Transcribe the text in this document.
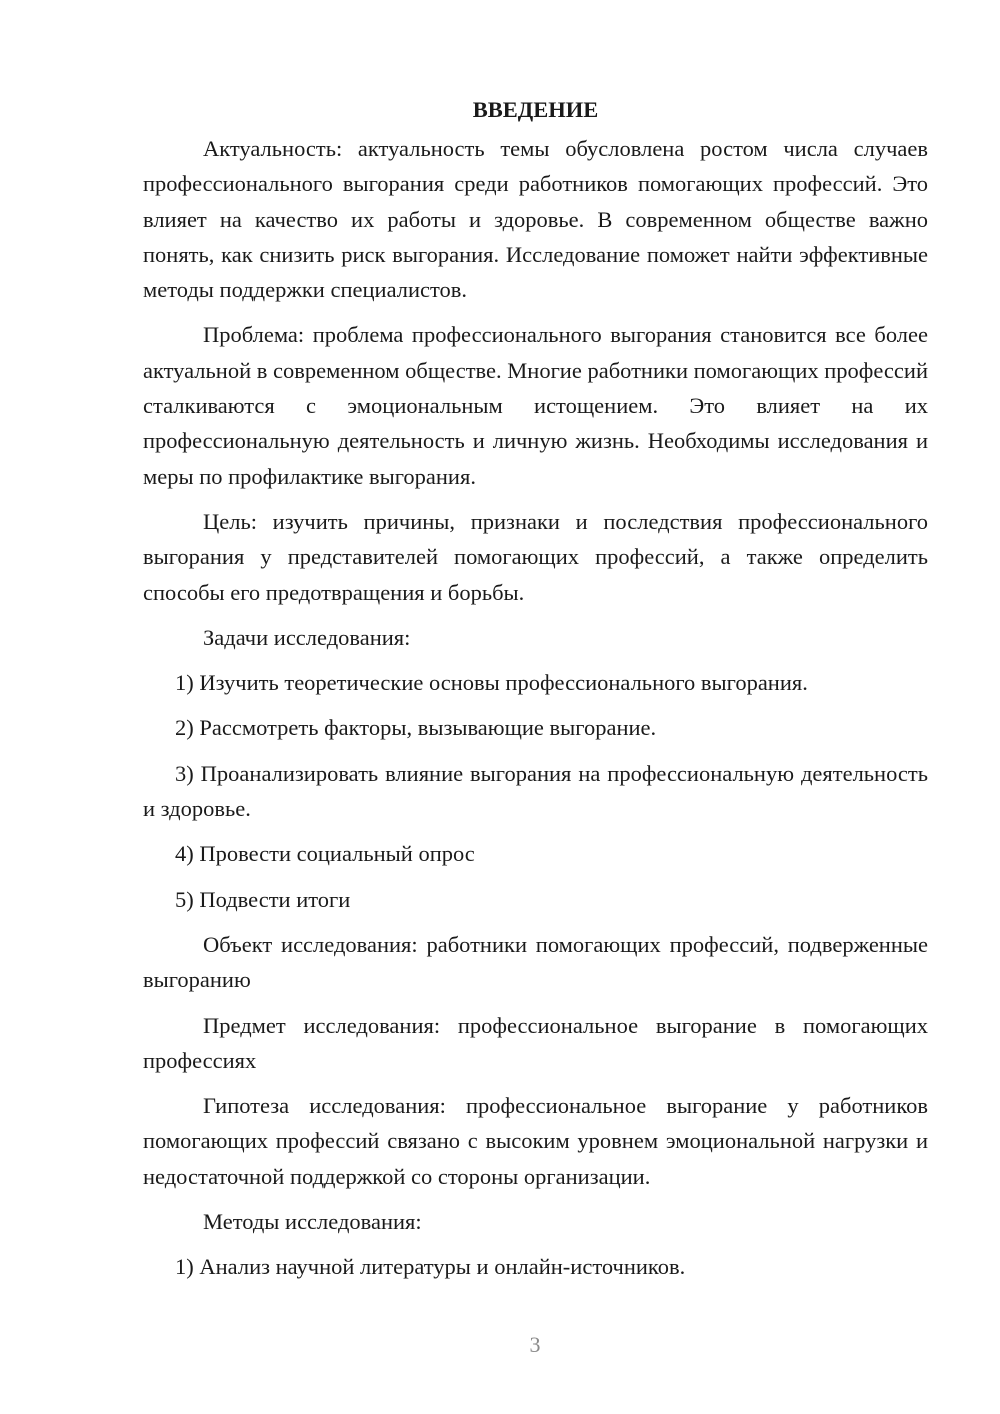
ВВЕДЕНИЕ

Актуальность: актуальность темы обусловлена ростом числа случаев профессионального выгорания среди работников помогающих профессий. Это влияет на качество их работы и здоровье. В современном обществе важно понять, как снизить риск выгорания. Исследование поможет найти эффективные методы поддержки специалистов.

Проблема: проблема профессионального выгорания становится все более актуальной в современном обществе. Многие работники помогающих профессий сталкиваются с эмоциональным истощением. Это влияет на их профессиональную деятельность и личную жизнь. Необходимы исследования и меры по профилактике выгорания.

Цель: изучить причины, признаки и последствия профессионального выгорания у представителей помогающих профессий, а также определить способы его предотвращения и борьбы.

Задачи исследования:

1) Изучить теоретические основы профессионального выгорания.

2) Рассмотреть факторы, вызывающие выгорание.

3) Проанализировать влияние выгорания на профессиональную деятельность и здоровье.

4) Провести социальный опрос

5) Подвести итоги

Объект исследования: работники помогающих профессий, подверженные выгоранию

Предмет исследования: профессиональное выгорание в помогающих профессиях

Гипотеза исследования: профессиональное выгорание у работников помогающих профессий связано с высоким уровнем эмоциональной нагрузки и недостаточной поддержкой со стороны организации.

Методы исследования:

1) Анализ научной литературы и онлайн-источников.

3
